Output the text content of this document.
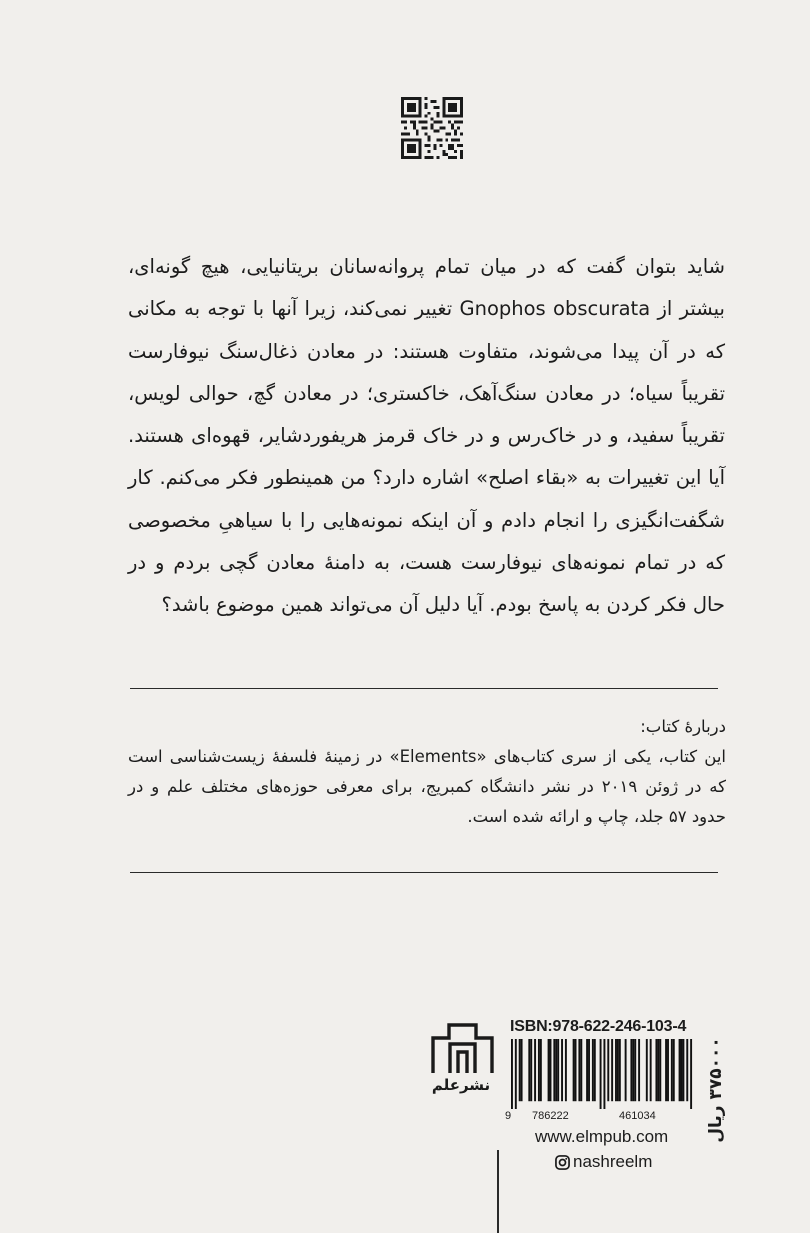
شاید بتوان گفت که در میان تمام پروانه‌سانان بریتانیایی، هیچ گونه‌ای، بیشتر از Gnophos obscurata تغییر نمی‌کند، زیرا آنها با توجه به مکانی که در آن پیدا می‌شوند، متفاوت هستند: در معادن ذغال‌سنگ نیوفارست تقریباً سیاه؛ در معادن سنگ‌آهک، خاکستری؛ در معادن گچ، حوالی لویس، تقریباً سفید، و در خاک‌رس و در خاک قرمز هریفوردشایر، قهوه‌ای هستند. آیا این تغییرات به «بقاء اصلح» اشاره دارد؟ من همینطور فکر می‌کنم. کار شگفت‌انگیزی را انجام دادم و آن اینکه نمونه‌هایی را با سیاهیِ مخصوصی که در تمام نمونه‌های نیوفارست هست، به دامنهٔ معادن گچی بردم و در حال فکر کردن به پاسخ بودم. آیا دلیل آن می‌تواند همین موضوع باشد؟
دربارهٔ کتاب:
این کتاب، یکی از سری کتاب‌های «Elements» در زمینهٔ فلسفهٔ زیست‌شناسی است که در ژوئن ۲۰۱۹ در نشر دانشگاه کمبریج، برای معرفی حوزه‌های مختلف علم و در حدود ۵۷ جلد، چاپ و ارائه شده است.
نشرعلم
ISBN:978-622-246-103-4
9 786222	461034	۳۷۵۰۰۰ ریال
www.elmpub.com
nashreelm
